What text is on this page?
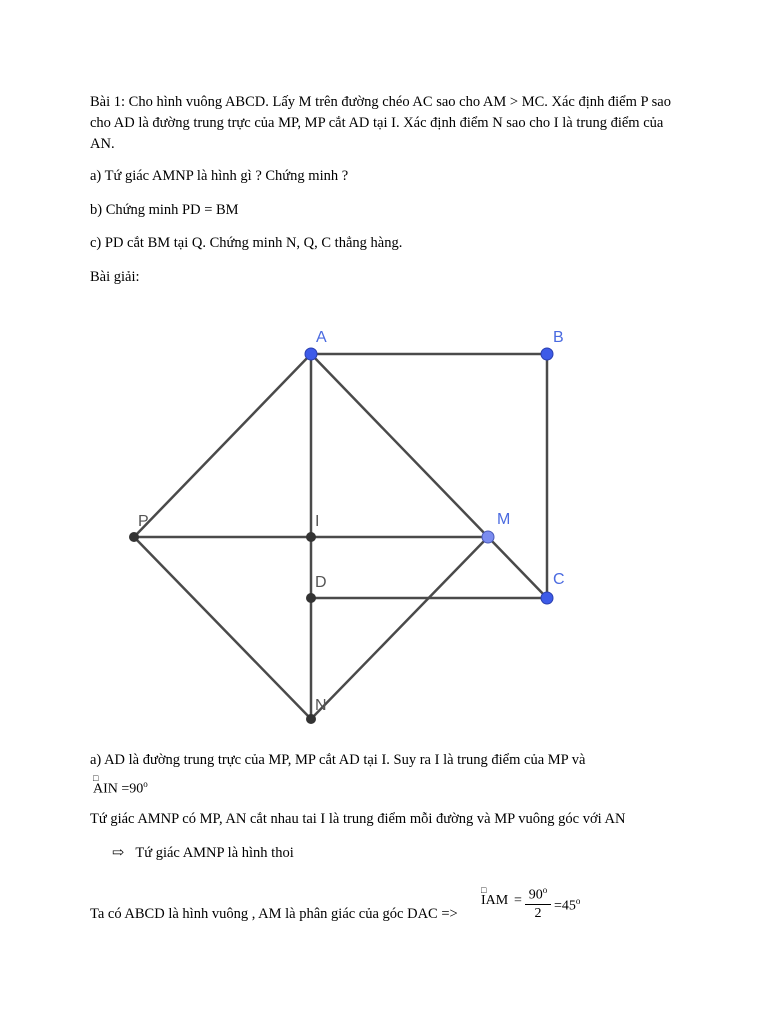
Bài 1: Cho hình vuông ABCD. Lấy M trên đường chéo AC sao cho AM > MC. Xác định điểm P sao cho AD là đường trung trực của MP, MP cắt AD tại I. Xác định điểm N sao cho I là trung điểm của AN.

a) Tứ giác AMNP là hình gì ? Chứng minh ?

b) Chứng minh PD = BM

c) PD cắt BM tại Q. Chứng minh N, Q, C thẳng hàng.

Bài giải:

A	B
C
M
P	I
D
N

a) AD là đường trung trực của MP, MP cắt AD tại I. Suy ra I là trung điểm của MP và

□
AIN $=90^o$

Tứ giác AMNP có MP, AN cắt nhau tai I là trung điểm mỗi đường và MP vuông góc với AN

⇨ Tứ giác AMNP là hình thoi

Ta có ABCD là hình vuông , AM là phân giác của góc DAC =>

□
IAM = $\frac{90^o}{2} =45^o$
